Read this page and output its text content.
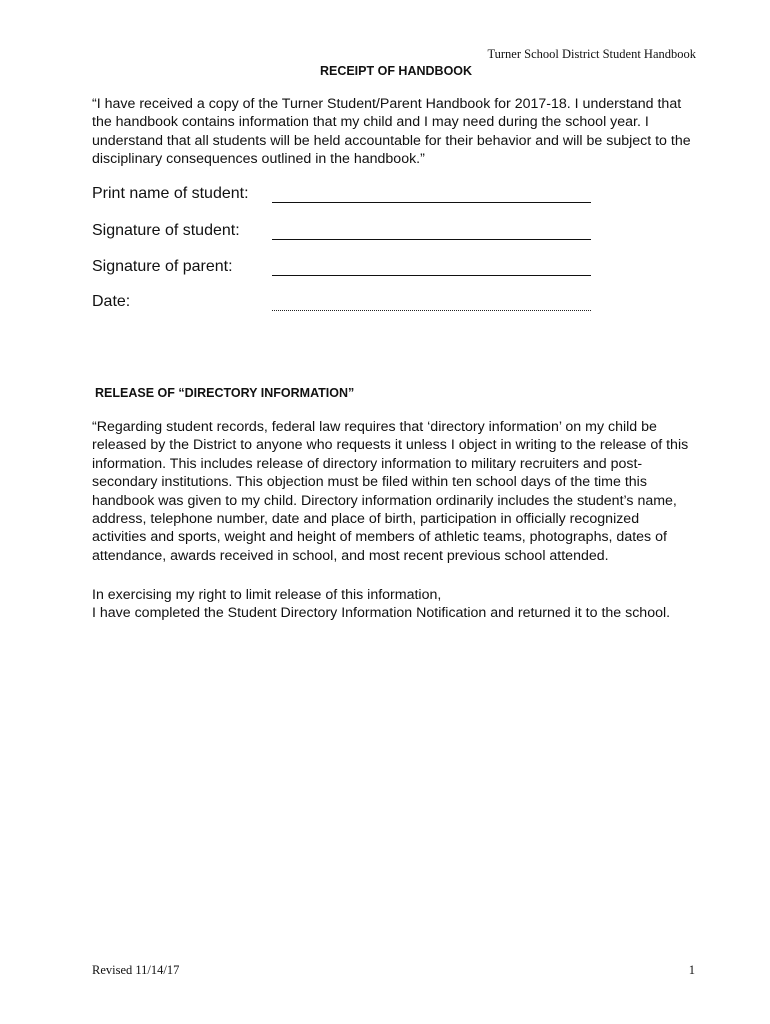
Turner School District Student Handbook
RECEIPT OF HANDBOOK
“I have received a copy of the Turner Student/Parent Handbook for 2017-18. I understand that the handbook contains information that my child and I may need during the school year. I understand that all students will be held accountable for their behavior and will be subject to the disciplinary consequences outlined in the handbook.”
Print name of student:
Signature of student:
Signature of parent:
Date:
RELEASE OF “DIRECTORY INFORMATION”
“Regarding student records, federal law requires that ‘directory information’ on my child be released by the District to anyone who requests it unless I object in writing to the release of this information. This includes release of directory information to military recruiters and post-secondary institutions. This objection must be filed within ten school days of the time this handbook was given to my child. Directory information ordinarily includes the student’s name, address, telephone number, date and place of birth, participation in officially recognized activities and sports, weight and height of members of athletic teams, photographs, dates of attendance, awards received in school, and most recent previous school attended.
In exercising my right to limit release of this information,
I have completed the Student Directory Information Notification and returned it to the school.
Revised 11/14/17	1
